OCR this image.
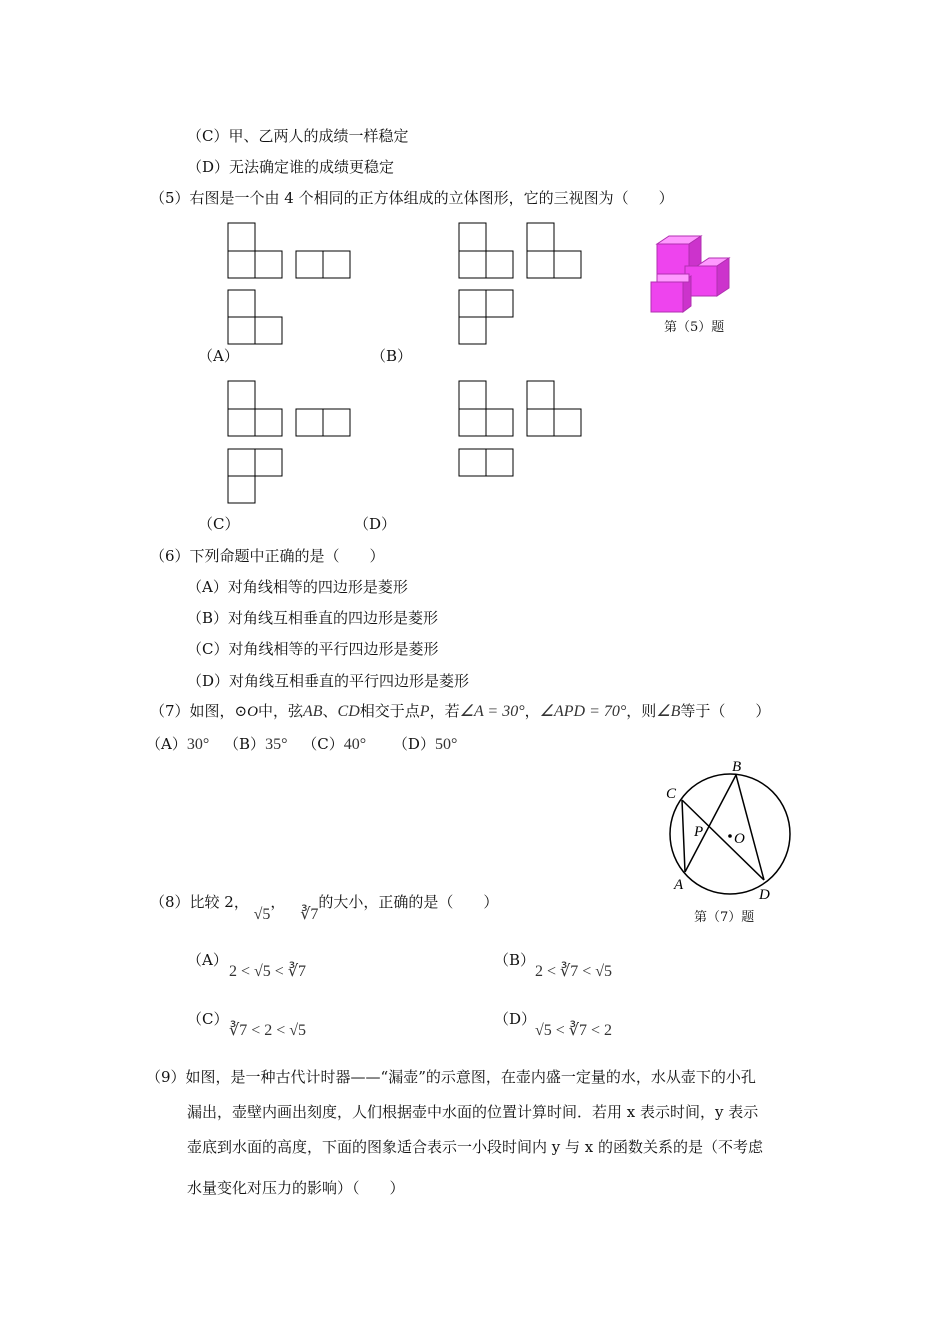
（C）甲、乙两人的成绩一样稳定
（D）无法确定谁的成绩更稳定
（5）右图是一个由 4 个相同的正方体组成的立体图形，它的三视图为（　　）
（A）	（B）
第（5）题
（C）	（D）
（6）下列命题中正确的是（　　）
（A）对角线相等的四边形是菱形
（B）对角线互相垂直的四边形是菱形
（C）对角线相等的平行四边形是菱形
（D）对角线互相垂直的平行四边形是菱形
（7）如图，⊙O中，弦AB、CD相交于点P，若∠A = 30°，∠APD = 70°，则∠B等于（　　）
（A）30° （B）35° （C）40° （D）50°
B
C
P O
A
D
第（7）题
（8）比较 2， √5， ∛7的大小，正确的是（　　）
（A）
2 < √5 < ∛7
（B）
2 < ∛7 < √5
（C）
∛7 < 2 < √5
（D）
√5 < ∛7 < 2
（9）如图，是一种古代计时器——“漏壶”的示意图，在壶内盛一定量的水，水从壶下的小孔
漏出，壶壁内画出刻度，人们根据壶中水面的位置计算时间．若用 x 表示时间，y 表示
壶底到水面的高度，下面的图象适合表示一小段时间内 y 与 x 的函数关系的是（不考虑
水量变化对压力的影响）（　　）
